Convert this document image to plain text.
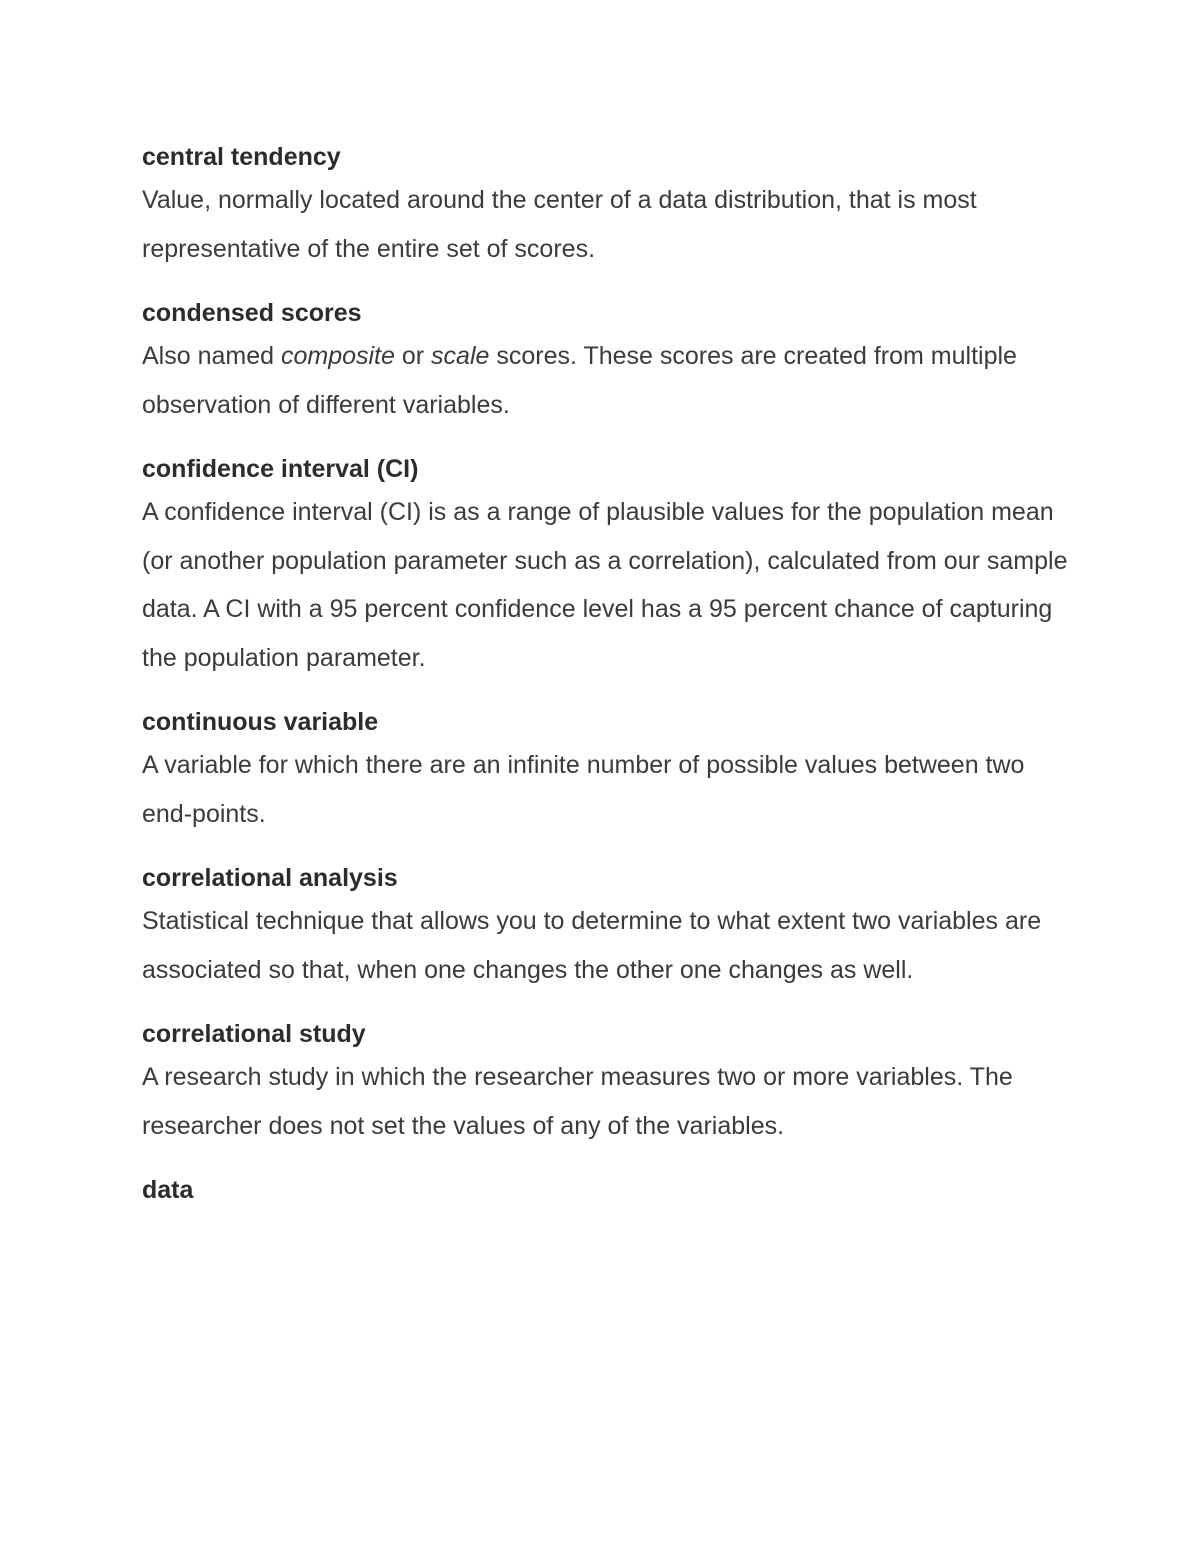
central tendency

Value, normally located around the center of a data distribution, that is most representative of the entire set of scores.

condensed scores

Also named composite or scale scores. These scores are created from multiple observation of different variables.

confidence interval (CI)

A confidence interval (CI) is as a range of plausible values for the population mean (or another population parameter such as a correlation), calculated from our sample data. A CI with a 95 percent confidence level has a 95 percent chance of capturing the population parameter.

continuous variable

A variable for which there are an infinite number of possible values between two end-points.

correlational analysis

Statistical technique that allows you to determine to what extent two variables are associated so that, when one changes the other one changes as well.

correlational study

A research study in which the researcher measures two or more variables. The researcher does not set the values of any of the variables.

data
